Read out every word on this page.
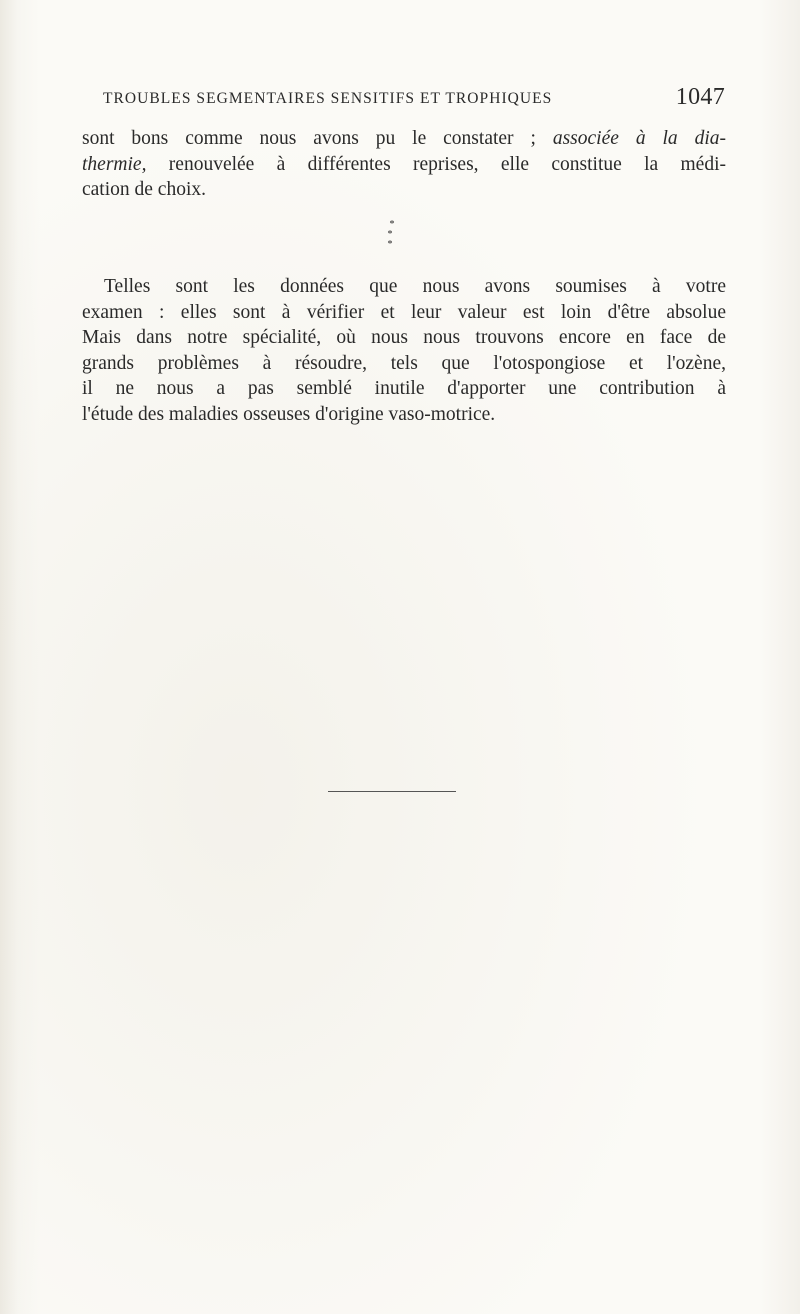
TROUBLES SEGMENTAIRES SENSITIFS ET TROPHIQUES	1047
sont bons comme nous avons pu le constater ; associée à la dia-
thermie, renouvelée à différentes reprises, elle constitue la médi-
cation de choix.
*
* *
Telles sont les données que nous avons soumises à votre
examen : elles sont à vérifier et leur valeur est loin d'être absolue
Mais dans notre spécialité, où nous nous trouvons encore en face de
grands problèmes à résoudre, tels que l'otospongiose et l'ozène,
il ne nous a pas semblé inutile d'apporter une contribution à
l'étude des maladies osseuses d'origine vaso-motrice.
